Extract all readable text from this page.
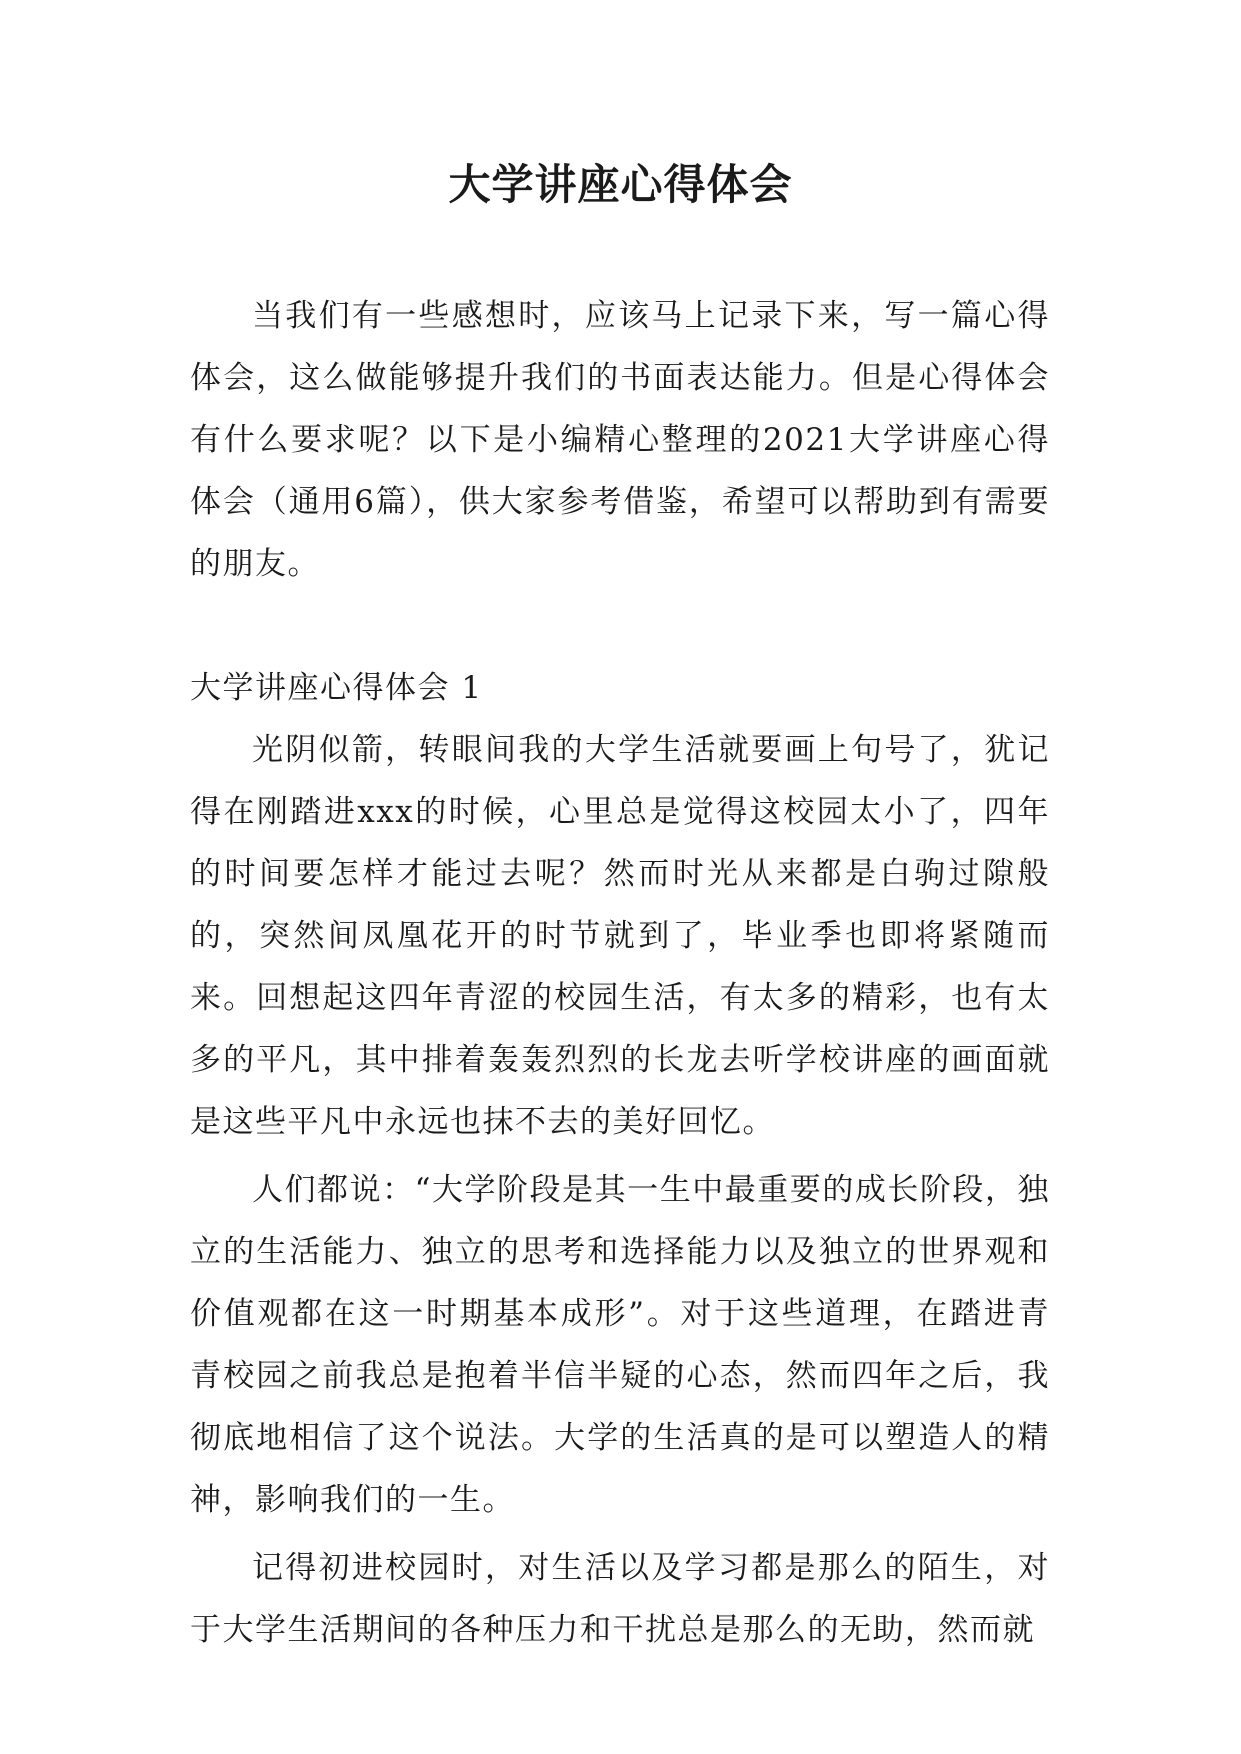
大学讲座心得体会

当我们有一些感想时，应该马上记录下来，写一篇心得体会，这么做能够提升我们的书面表达能力。但是心得体会有什么要求呢？以下是小编精心整理的2021大学讲座心得体会（通用6篇），供大家参考借鉴，希望可以帮助到有需要的朋友。

大学讲座心得体会 1

光阴似箭，转眼间我的大学生活就要画上句号了，犹记得在刚踏进xxx的时候，心里总是觉得这校园太小了，四年的时间要怎样才能过去呢？然而时光从来都是白驹过隙般的，突然间凤凰花开的时节就到了，毕业季也即将紧随而来。回想起这四年青涩的校园生活，有太多的精彩，也有太多的平凡，其中排着轰轰烈烈的长龙去听学校讲座的画面就是这些平凡中永远也抹不去的美好回忆。

人们都说：“大学阶段是其一生中最重要的成长阶段，独立的生活能力、独立的思考和选择能力以及独立的世界观和价值观都在这一时期基本成形”。对于这些道理，在踏进青青校园之前我总是抱着半信半疑的心态，然而四年之后，我彻底地相信了这个说法。大学的生活真的是可以塑造人的精神，影响我们的一生。

记得初进校园时，对生活以及学习都是那么的陌生，对于大学生活期间的各种压力和干扰总是那么的无助，然而就
